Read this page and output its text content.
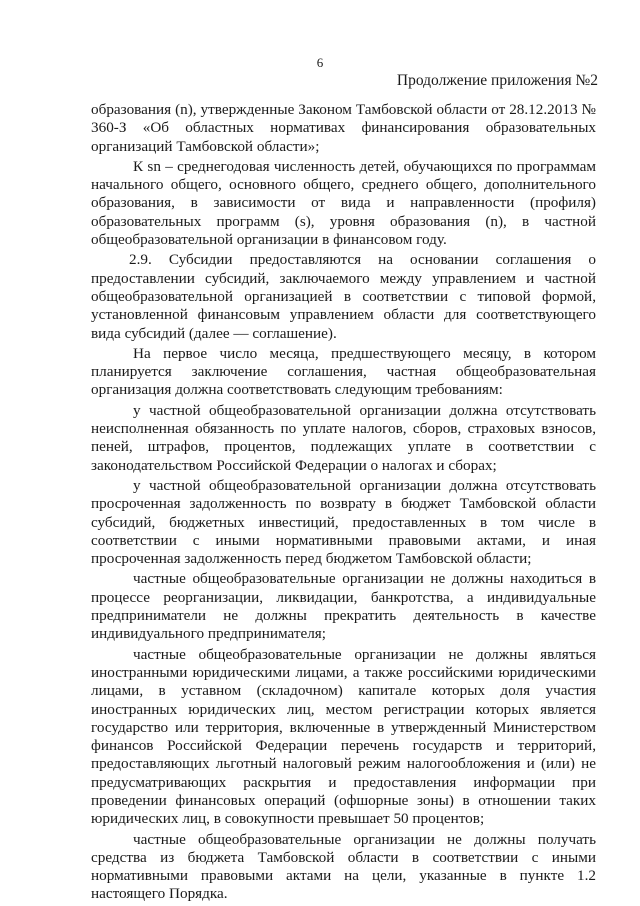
6
Продолжение приложения №2

образования (n), утвержденные Законом Тамбовской области от 28.12.2013 № 360-З «Об областных нормативах финансирования образовательных организаций Тамбовской области»;

К sn – среднегодовая численность детей, обучающихся по программам начального общего, основного общего, среднего общего, дополнительного образования, в зависимости от вида и направленности (профиля) образовательных программ (s), уровня образования (n), в частной общеобразовательной организации в финансовом году.

2.9. Субсидии предоставляются на основании соглашения о предоставлении субсидий, заключаемого между управлением и частной общеобразовательной организацией в соответствии с типовой формой, установленной финансовым управлением области для соответствующего вида субсидий (далее — соглашение).

На первое число месяца, предшествующего месяцу, в котором планируется заключение соглашения, частная общеобразовательная организация должна соответствовать следующим требованиям:

у частной общеобразовательной организации должна отсутствовать неисполненная обязанность по уплате налогов, сборов, страховых взносов, пеней, штрафов, процентов, подлежащих уплате в соответствии с законодательством Российской Федерации о налогах и сборах;

у частной общеобразовательной организации должна отсутствовать просроченная задолженность по возврату в бюджет Тамбовской области субсидий, бюджетных инвестиций, предоставленных в том числе в соответствии с иными нормативными правовыми актами, и иная просроченная задолженность перед бюджетом Тамбовской области;

частные общеобразовательные организации не должны находиться в процессе реорганизации, ликвидации, банкротства, а индивидуальные предприниматели не должны прекратить деятельность в качестве индивидуального предпринимателя;

частные общеобразовательные организации не должны являться иностранными юридическими лицами, а также российскими юридическими лицами, в уставном (складочном) капитале которых доля участия иностранных юридических лиц, местом регистрации которых является государство или территория, включенные в утвержденный Министерством финансов Российской Федерации перечень государств и территорий, предоставляющих льготный налоговый режим налогообложения и (или) не предусматривающих раскрытия и предоставления информации при проведении финансовых операций (офшорные зоны) в отношении таких юридических лиц, в совокупности превышает 50 процентов;

частные общеобразовательные организации не должны получать средства из бюджета Тамбовской области в соответствии с иными нормативными правовыми актами на цели, указанные в пункте 1.2 настоящего Порядка.
